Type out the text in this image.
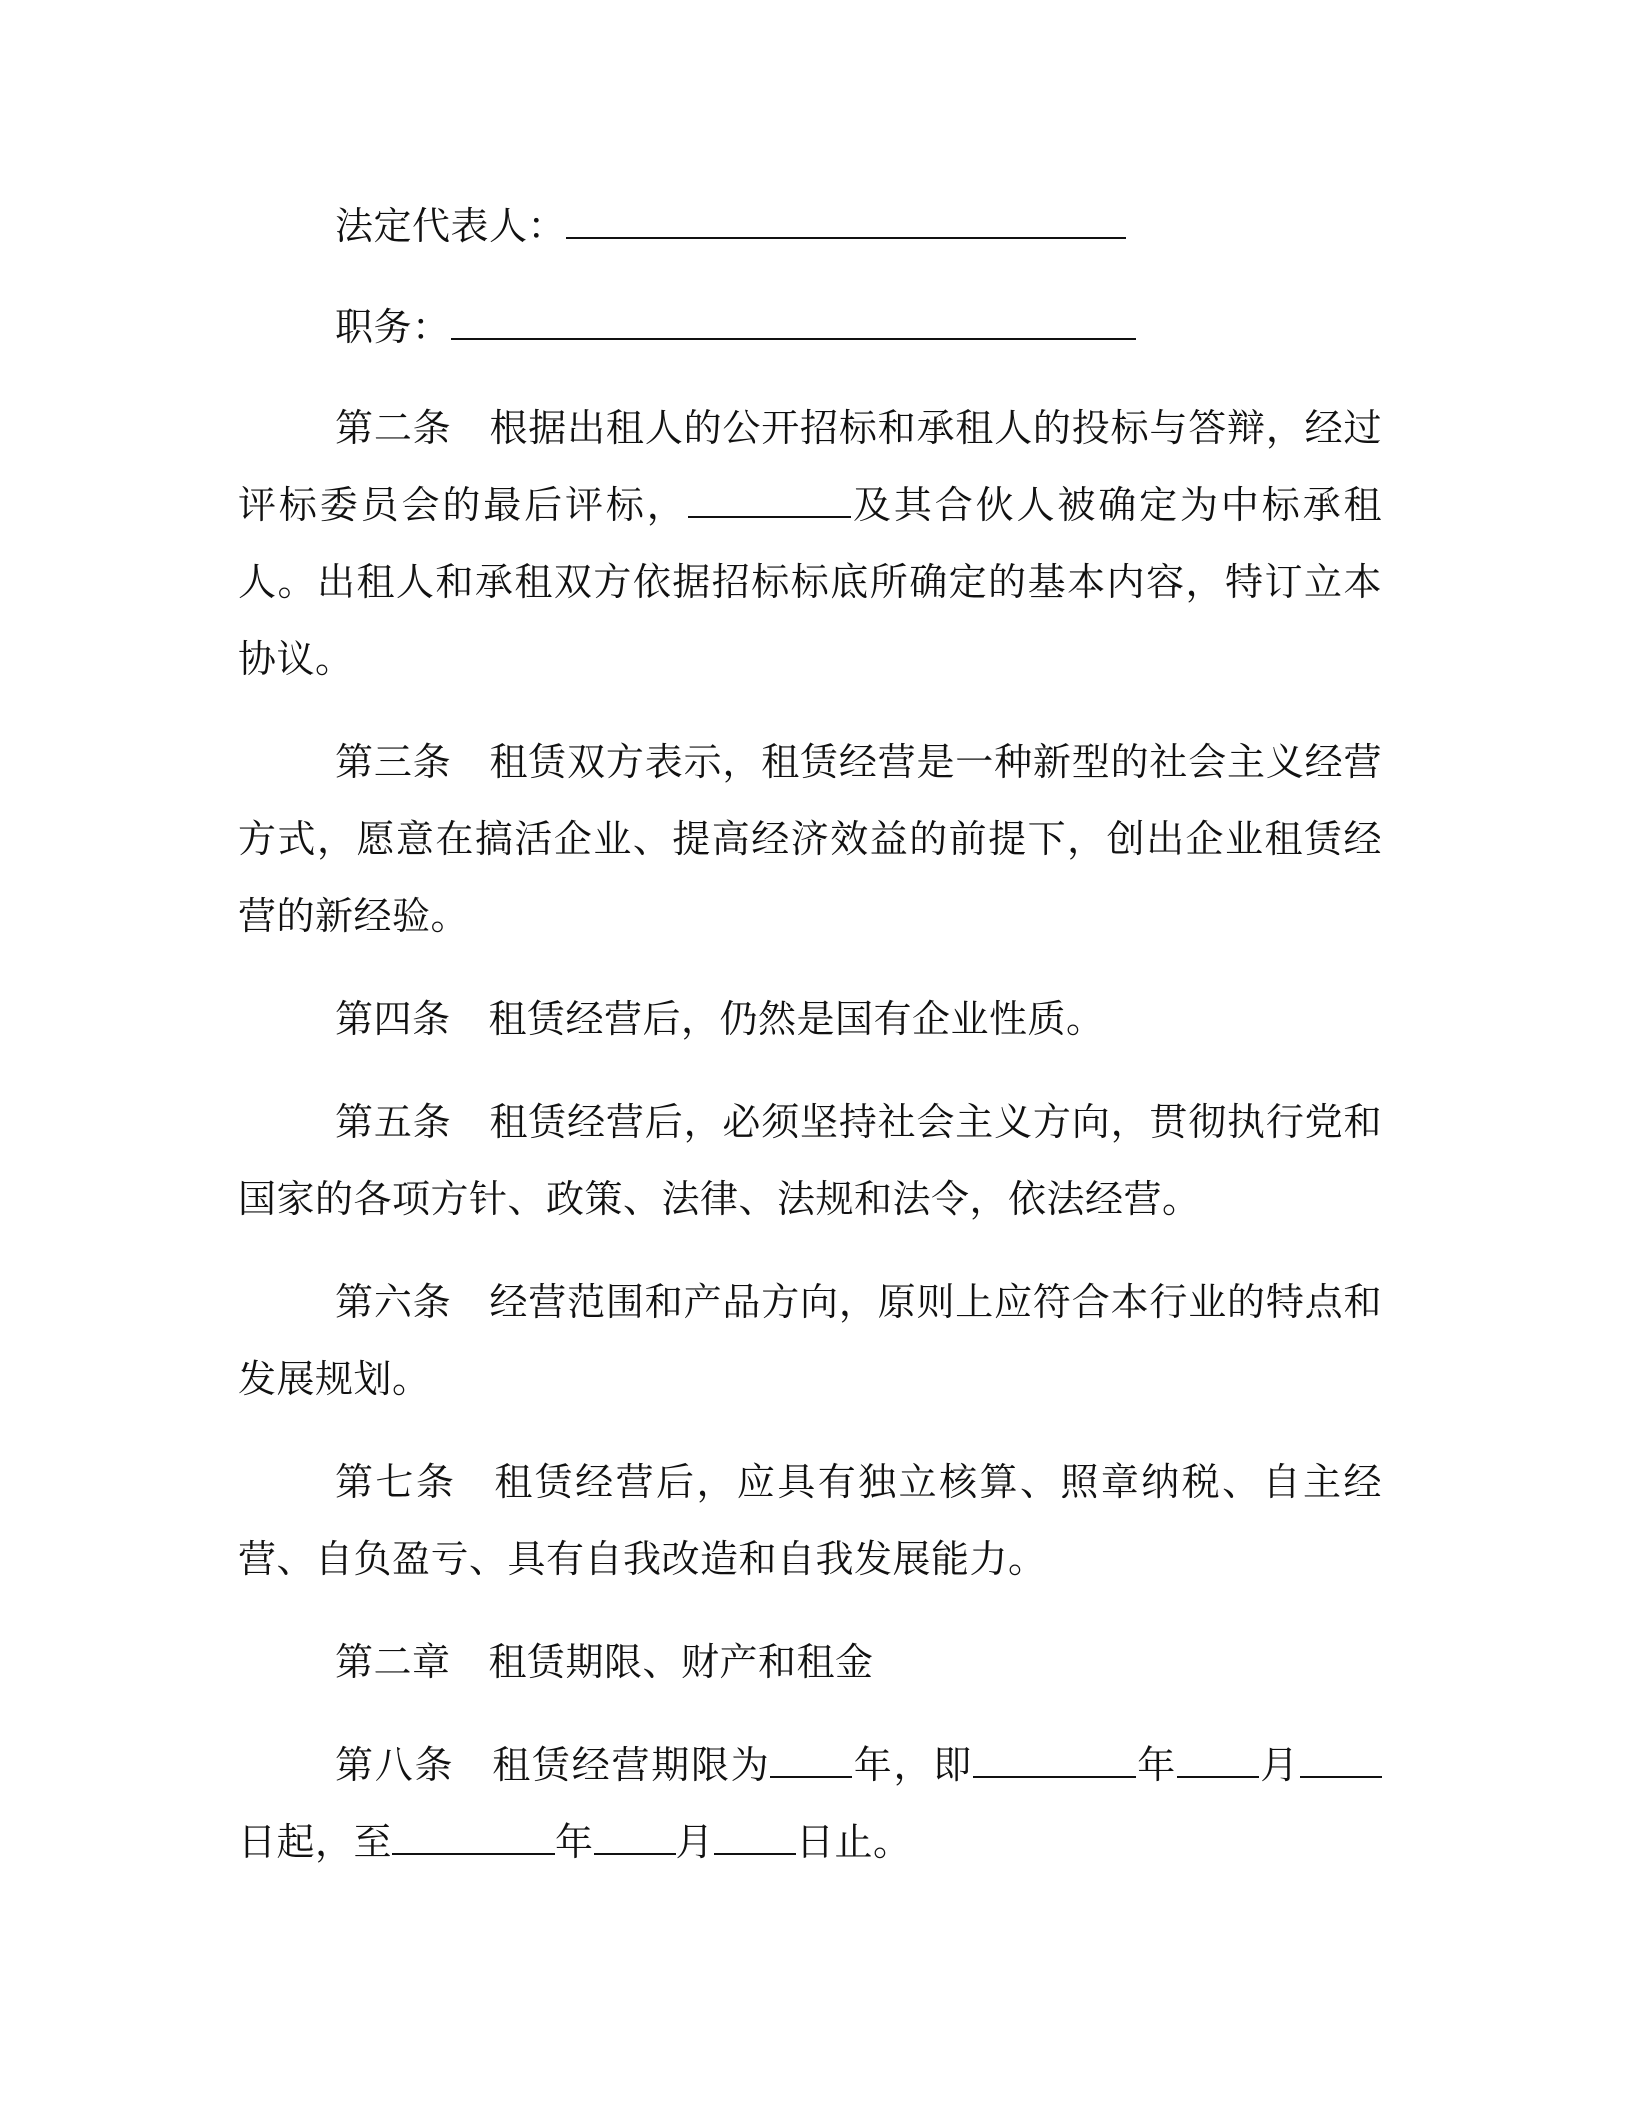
法定代表人：

职务：

第二条 根据出租人的公开招标和承租人的投标与答辩，经过评标委员会的最后评标，	及其合伙人被确定为中标承租人。出租人和承租双方依据招标标底所确定的基本内容，特订立本协议。

第三条 租赁双方表示，租赁经营是一种新型的社会主义经营方式，愿意在搞活企业、提高经济效益的前提下，创出企业租赁经营的新经验。

第四条 租赁经营后，仍然是国有企业性质。

第五条 租赁经营后，必须坚持社会主义方向，贯彻执行党和国家的各项方针、政策、法律、法规和法令，依法经营。

第六条 经营范围和产品方向，原则上应符合本行业的特点和发展规划。

第七条 租赁经营后，应具有独立核算、照章纳税、自主经营、自负盈亏、具有自我改造和自我发展能力。

第二章 租赁期限、财产和租金

第八条 租赁经营期限为 年，即	年 月日起，至	年 月 日止。
